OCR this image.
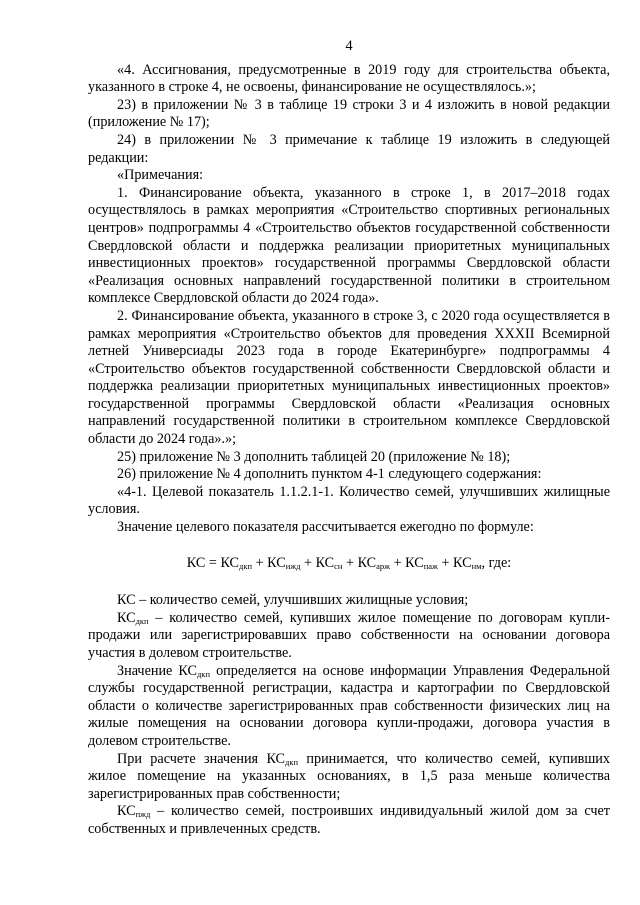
4

«4. Ассигнования, предусмотренные в 2019 году для строительства объекта, указанного в строке 4, не освоены, финансирование не осуществлялось.»;

23) в приложении № 3 в таблице 19 строки 3 и 4 изложить в новой редакции (приложение № 17);

24) в приложении № 3 примечание к таблице 19 изложить в следующей редакции:

«Примечания:

1. Финансирование объекта, указанного в строке 1, в 2017–2018 годах осуществлялось в рамках мероприятия «Строительство спортивных региональных центров» подпрограммы 4 «Строительство объектов государственной собственности Свердловской области и поддержка реализации приоритетных муниципальных инвестиционных проектов» государственной программы Свердловской области «Реализация основных направлений государственной политики в строительном комплексе Свердловской области до 2024 года».

2. Финансирование объекта, указанного в строке 3, с 2020 года осуществляется в рамках мероприятия «Строительство объектов для проведения XXXII Всемирной летней Универсиады 2023 года в городе Екатеринбурге» подпрограммы 4 «Строительство объектов государственной собственности Свердловской области и поддержка реализации приоритетных муниципальных инвестиционных проектов» государственной программы Свердловской области «Реализация основных направлений государственной политики в строительном комплексе Свердловской области до 2024 года».»;

25) приложение № 3 дополнить таблицей 20 (приложение № 18);

26) приложение № 4 дополнить пунктом 4-1 следующего содержания:

«4-1. Целевой показатель 1.1.2.1-1. Количество семей, улучшивших жилищные условия.

Значение целевого показателя рассчитывается ежегодно по формуле:

КС = $КС_{дкп} + КС_{ижд} + КС_{сн} + КС_{арж} + КС_{паж} + КС_{нм}$, где:

КС – количество семей, улучшивших жилищные условия;

$КС_{дкп}$ – количество семей, купивших жилое помещение по договорам купли-продажи или зарегистрировавших право собственности на основании договора участия в долевом строительстве.

Значение $КС_{дкп}$ определяется на основе информации Управления Федеральной службы государственной регистрации, кадастра и картографии по Свердловской области о количестве зарегистрированных прав собственности физических лиц на жилые помещения на основании договора купли-продажи, договора участия в долевом строительстве.

При расчете значения $КС_{дкп}$ принимается, что количество семей, купивших жилое помещение на указанных основаниях, в 1,5 раза меньше количества зарегистрированных прав собственности;

$КС_{пжд}$ – количество семей, построивших индивидуальный жилой дом за счет собственных и привлеченных средств.
